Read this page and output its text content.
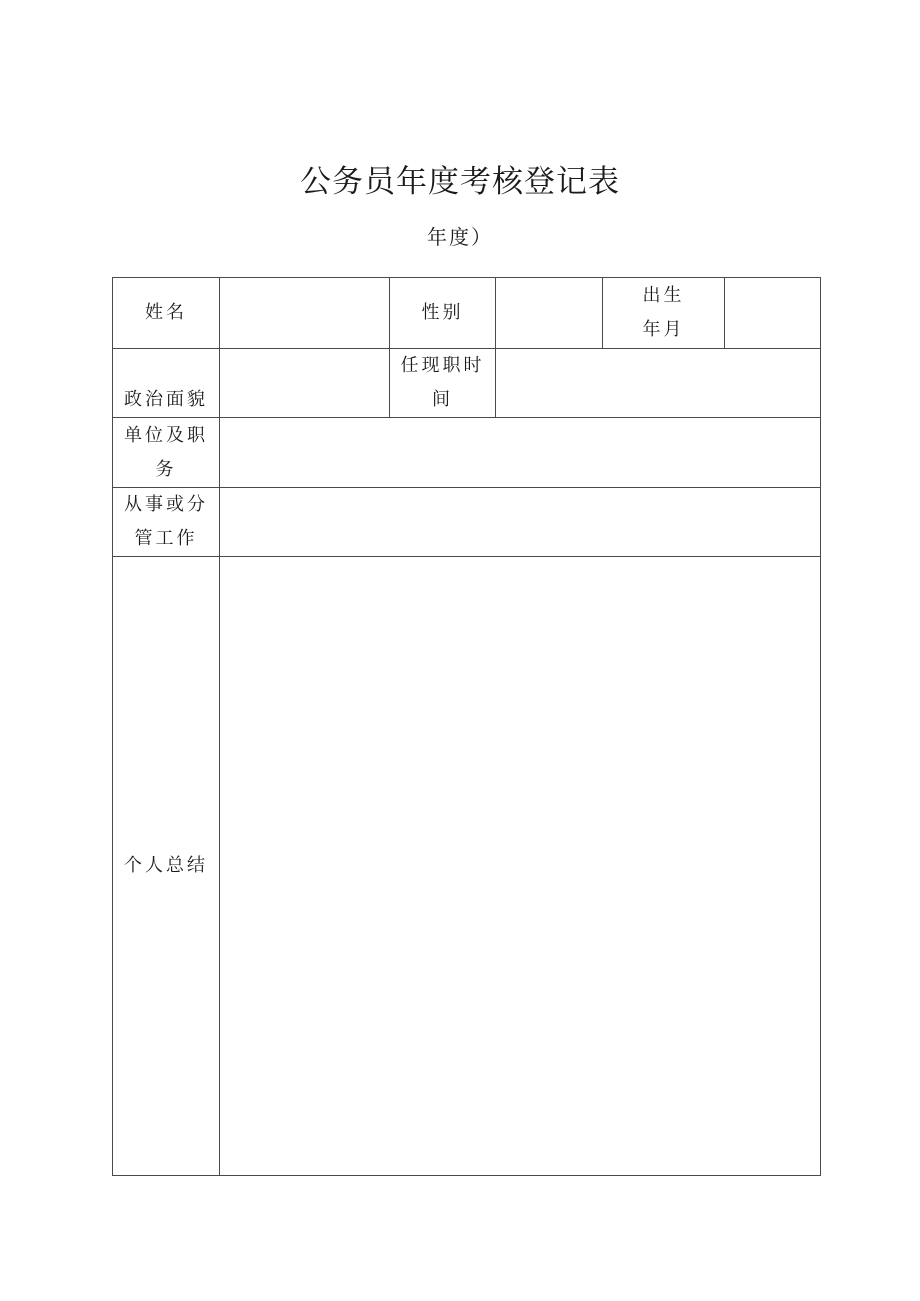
公务员年度考核登记表
年度）
姓名		性别		出生
年月	

政治面貌		任现职时
间			

单位及职
务					

从事或分
管工作					

个人总结					
